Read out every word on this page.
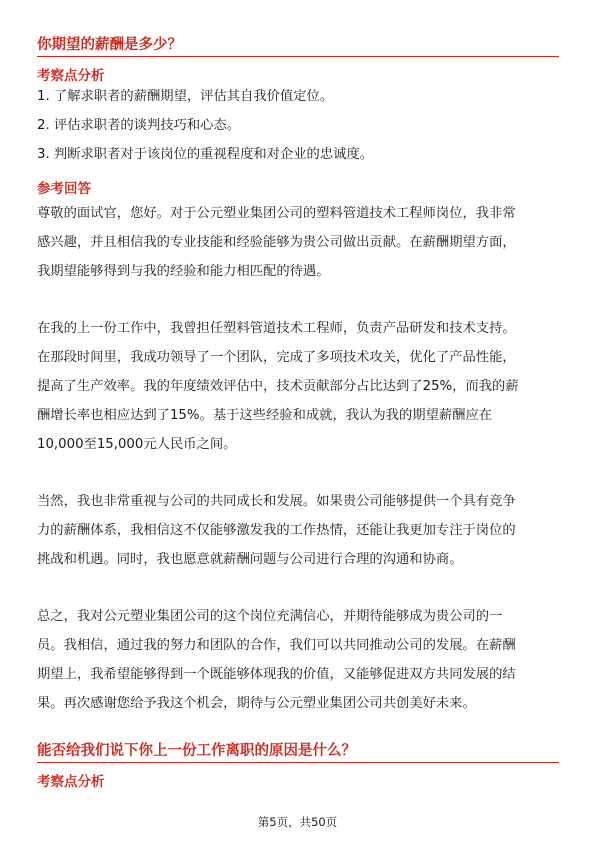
你期望的薪酬是多少？
考察点分析
1. 了解求职者的薪酬期望，评估其自我价值定位。
2. 评估求职者的谈判技巧和心态。
3. 判断求职者对于该岗位的重视程度和对企业的忠诚度。
参考回答
尊敬的面试官，您好。对于公元塑业集团公司的塑料管道技术工程师岗位，我非常
感兴趣，并且相信我的专业技能和经验能够为贵公司做出贡献。在薪酬期望方面，
我期望能够得到与我的经验和能力相匹配的待遇。
在我的上一份工作中，我曾担任塑料管道技术工程师，负责产品研发和技术支持。
在那段时间里，我成功领导了一个团队，完成了多项技术攻关，优化了产品性能，
提高了生产效率。我的年度绩效评估中，技术贡献部分占比达到了25%，而我的薪
酬增长率也相应达到了15%。基于这些经验和成就，我认为我的期望薪酬应在
10,000至15,000元人民币之间。
当然，我也非常重视与公司的共同成长和发展。如果贵公司能够提供一个具有竞争
力的薪酬体系，我相信这不仅能够激发我的工作热情，还能让我更加专注于岗位的
挑战和机遇。同时，我也愿意就薪酬问题与公司进行合理的沟通和协商。
总之，我对公元塑业集团公司的这个岗位充满信心，并期待能够成为贵公司的一
员。我相信，通过我的努力和团队的合作，我们可以共同推动公司的发展。在薪酬
期望上，我希望能够得到一个既能够体现我的价值，又能够促进双方共同发展的结
果。再次感谢您给予我这个机会，期待与公元塑业集团公司共创美好未来。
能否给我们说下你上一份工作离职的原因是什么？
考察点分析
第5页，共50页
